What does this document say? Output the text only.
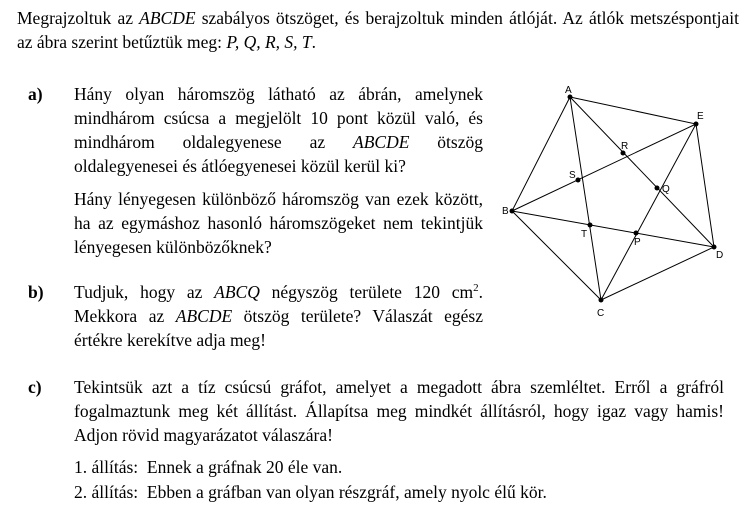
Megrajzoltuk az ABCDE szabályos ötszöget, és berajzoltuk minden átlóját. Az átlók metszéspontjait az ábra szerint betűztük meg: P, Q, R, S, T.

a) Hány olyan háromszög látható az ábrán, amelynek mindhárom csúcsa a megjelölt 10 pont közül való, és mindhárom oldalegyenese az ABCDE ötszög oldalegyenesei és átlóegyenesei közül kerül ki?

Hány lényegesen különböző háromszög van ezek között, ha az egymáshoz hasonló háromszögeket nem tekintjük lényegesen különbözőknek?

b) Tudjuk, hogy az ABCQ négyszög területe 120 $cm^2$. Mekkora az ABCDE ötszög területe? Válaszát egész értékre kerekítve adja meg!

c) Tekintsük azt a tíz csúcsú gráfot, amelyet a megadott ábra szemléltet. Erről a gráfról fogalmaztunk meg két állítást. Állapítsa meg mindkét állításról, hogy igaz vagy hamis! Adjon rövid magyarázatot válaszára!

1. állítás: Ennek a gráfnak 20 éle van.

2. állítás: Ebben a gráfban van olyan részgráf, amely nyolc élű kör.

A
E
D
C
B
R
S
Q
T
P
